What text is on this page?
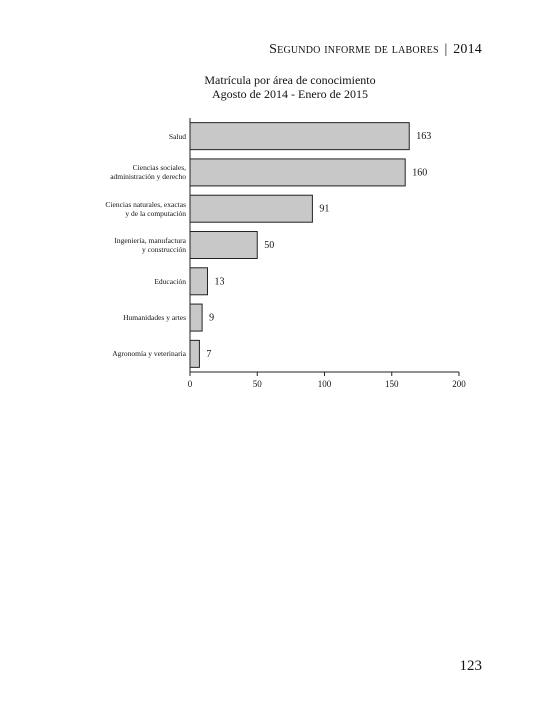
Segundo informe de labores | 2014
Matrícula por área de conocimiento
Agosto de 2014 - Enero de 2015
Salud
Ciencias sociales,
administración y derecho
Ciencias naturales, exactas
y de la computación
Ingeniería, manufactura
y construcción
Educación
Humanidades y artes
Agronomía y veterinaria
0	50	100	150	200
163
160
91
50
13
9
7
123
